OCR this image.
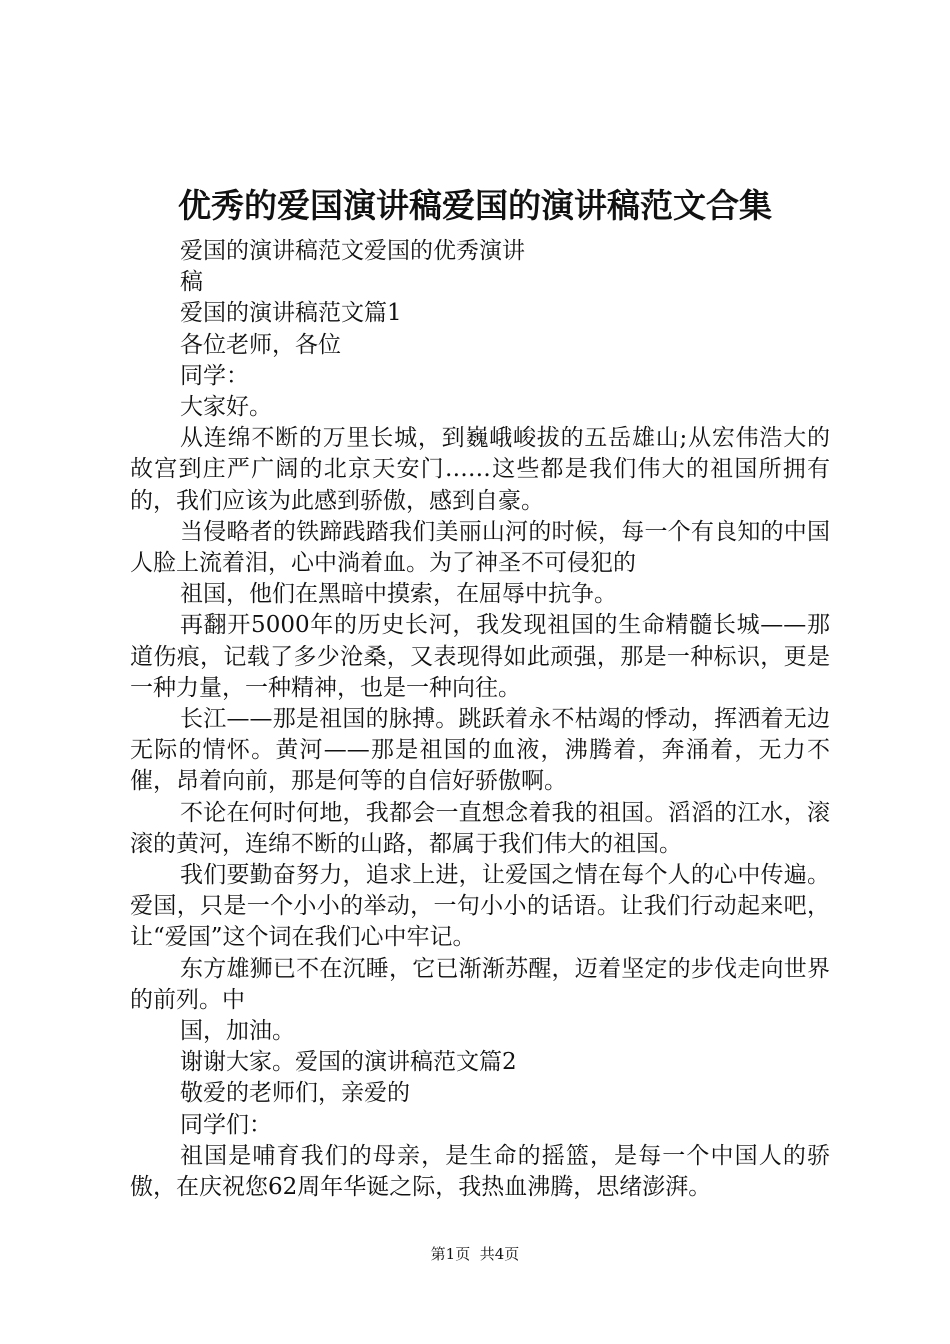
优秀的爱国演讲稿爱国的演讲稿范文合集

爱国的演讲稿范文爱国的优秀演讲

稿

爱国的演讲稿范文篇1

各位老师，各位

同学：

大家好。

从连绵不断的万里长城，到巍峨峻拔的五岳雄山;从宏伟浩大的故宫到庄严广阔的北京天安门……这些都是我们伟大的祖国所拥有的，我们应该为此感到骄傲，感到自豪。

当侵略者的铁蹄践踏我们美丽山河的时候，每一个有良知的中国人脸上流着泪，心中淌着血。为了神圣不可侵犯的

祖国，他们在黑暗中摸索，在屈辱中抗争。

再翻开5000年的历史长河，我发现祖国的生命精髓长城——那道伤痕，记载了多少沧桑，又表现得如此顽强，那是一种标识，更是一种力量，一种精神，也是一种向往。

长江——那是祖国的脉搏。跳跃着永不枯竭的悸动，挥洒着无边无际的情怀。黄河——那是祖国的血液，沸腾着，奔涌着，无力不催，昂着向前，那是何等的自信好骄傲啊。

不论在何时何地，我都会一直想念着我的祖国。滔滔的江水，滚滚的黄河，连绵不断的山路，都属于我们伟大的祖国。

我们要勤奋努力，追求上进，让爱国之情在每个人的心中传遍。爱国，只是一个小小的举动，一句小小的话语。让我们行动起来吧，让“爱国”这个词在我们心中牢记。

东方雄狮已不在沉睡，它已渐渐苏醒，迈着坚定的步伐走向世界的前列。中

国，加油。

谢谢大家。爱国的演讲稿范文篇2

敬爱的老师们，亲爱的

同学们：

祖国是哺育我们的母亲，是生命的摇篮，是每一个中国人的骄傲，在庆祝您62周年华诞之际，我热血沸腾，思绪澎湃。

第1页 共4页
